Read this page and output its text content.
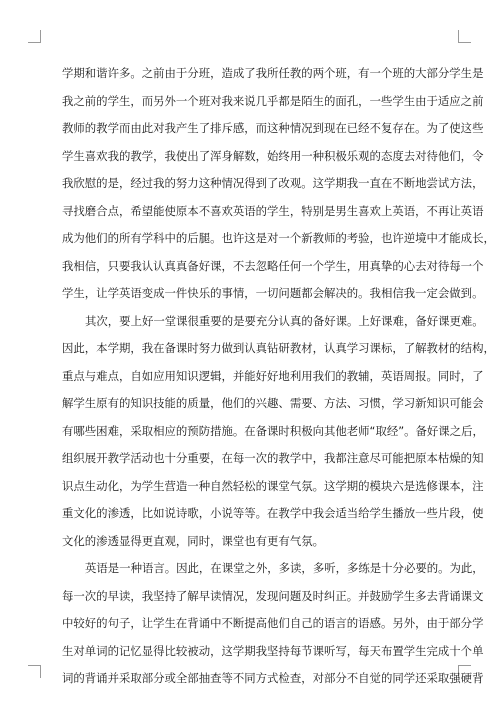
学期和谐许多。之前由于分班，造成了我所任教的两个班，有一个班的大部分学生是
我之前的学生，而另外一个班对我来说几乎都是陌生的面孔，一些学生由于适应之前
教师的教学而由此对我产生了排斥感，而这种情况到现在已经不复存在。为了使这些
学生喜欢我的教学，我使出了浑身解数，始终用一种积极乐观的态度去对待他们，令
我欣慰的是，经过我的努力这种情况得到了改观。这学期我一直在不断地尝试方法，
寻找磨合点，希望能使原本不喜欢英语的学生，特别是男生喜欢上英语，不再让英语
成为他们的所有学科中的后腿。也许这是对一个新教师的考验，也许逆境中才能成长，
我相信，只要我认认真真备好课，不去忽略任何一个学生，用真挚的心去对待每一个
学生，让学英语变成一件快乐的事情，一切问题都会解决的。我相信我一定会做到。
其次，要上好一堂课很重要的是要充分认真的备好课。上好课难，备好课更难。
因此，本学期，我在备课时努力做到认真钻研教材，认真学习课标，了解教材的结构，
重点与难点，自如应用知识逻辑，并能好好地利用我们的教辅，英语周报。同时，了
解学生原有的知识技能的质量，他们的兴趣、需要、方法、习惯，学习新知识可能会
有哪些困难，采取相应的预防措施。在备课时积极向其他老师“取经”。备好课之后，
组织展开教学活动也十分重要，在每一次的教学中，我都注意尽可能把原本枯燥的知
识点生动化，为学生营造一种自然轻松的课堂气氛。这学期的模块六是选修课本，注
重文化的渗透，比如说诗歌，小说等等。在教学中我会适当给学生播放一些片段，使
文化的渗透显得更直观，同时，课堂也有更有气氛。
英语是一种语言。因此，在课堂之外，多读，多听，多练是十分必要的。为此，
每一次的早读，我坚持了解早读情况，发现问题及时纠正。并鼓励学生多去背诵课文
中较好的句子，让学生在背诵中不断提高他们自己的语言的语感。另外，由于部分学
生对单词的记忆显得比较被动，这学期我坚持每节课听写，每天布置学生完成十个单
词的背诵并采取部分或全部抽查等不同方式检查，对部分不自觉的同学还采取强硬背
